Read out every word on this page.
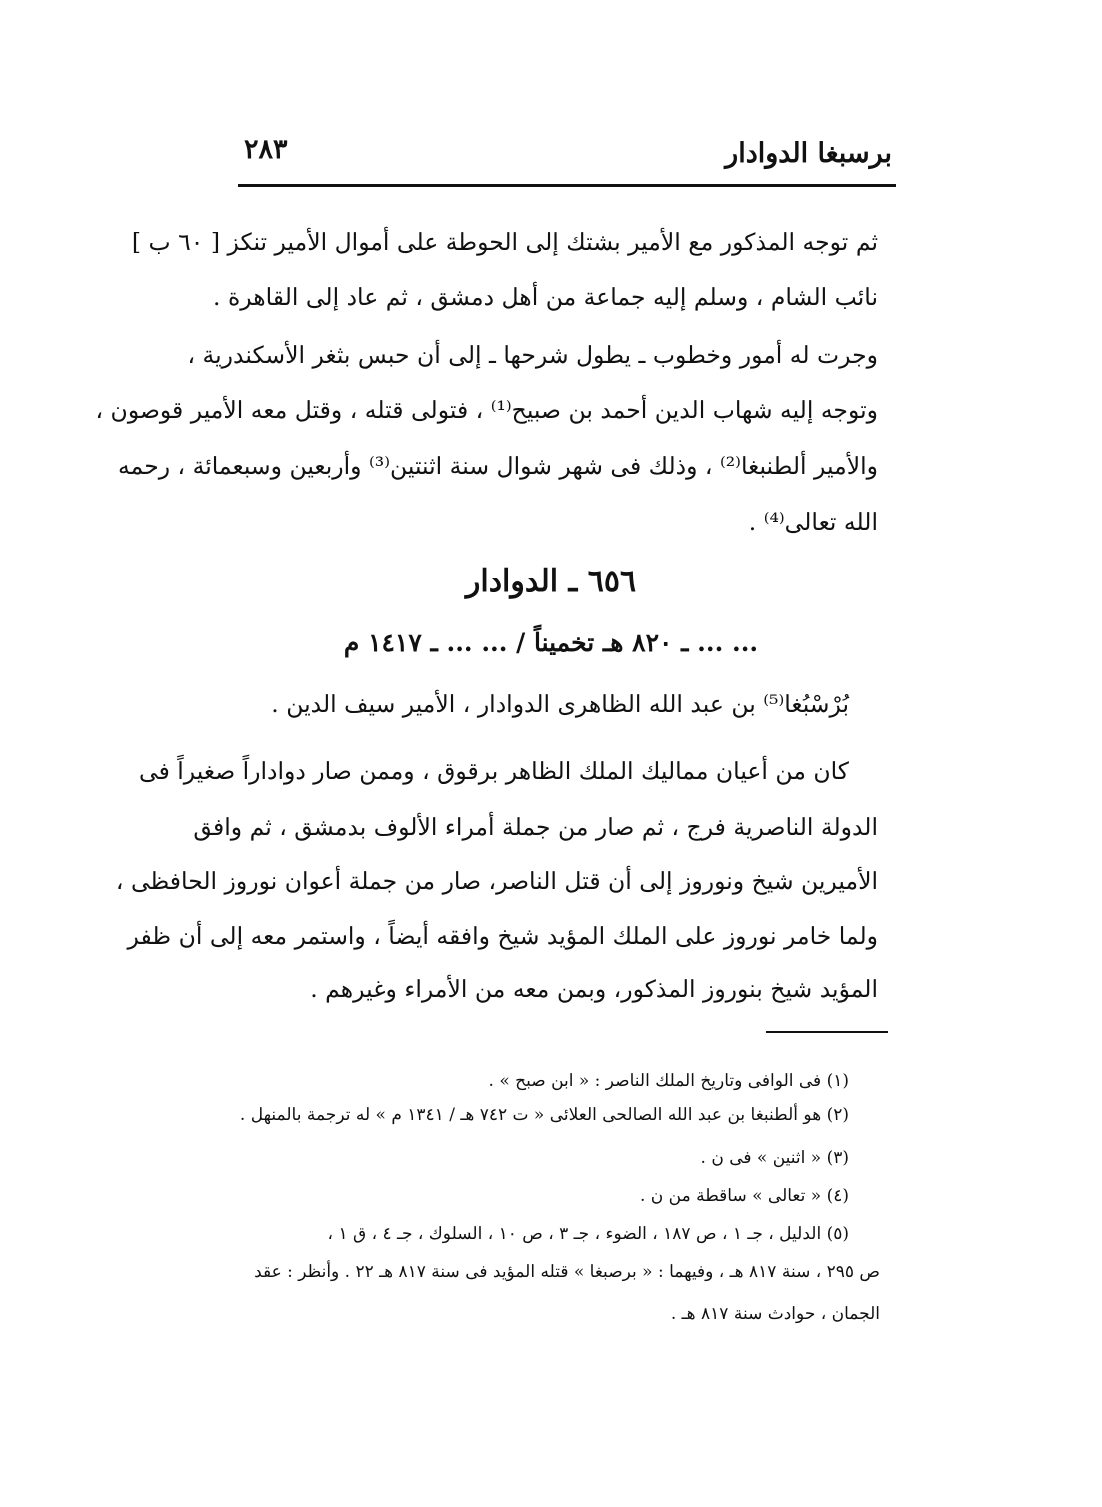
برسبغا الدوادار
٢٨٣
ثم توجه المذكور مع الأمير بشتك إلى الحوطة على أموال الأمير تنكز [ ٦٠ ب ]
نائب الشام ، وسلم إليه جماعة من أهل دمشق ، ثم عاد إلى القاهرة .
وجرت له أمور وخطوب ـ يطول شرحها ـ إلى أن حبس بثغر الأسكندرية ،
وتوجه إليه شهاب الدين أحمد بن صبيح⁽¹⁾ ، فتولى قتله ، وقتل معه الأمير قوصون ،
والأمير ألطنبغا⁽²⁾ ، وذلك فى شهر شوال سنة اثنتين⁽³⁾ وأربعين وسبعمائة ، رحمه
الله تعالى⁽⁴⁾ .
٦٥٦ ـ الدوادار
... ... ـ ٨٢٠ هـ تخميناً / ... ... ـ ١٤١٧ م
بُرْسْبُغا⁽⁵⁾ بن عبد الله الظاهرى الدوادار ، الأمير سيف الدين .
كان من أعيان مماليك الملك الظاهر برقوق ، وممن صار دواداراً صغيراً فى
الدولة الناصرية فرج ، ثم صار من جملة أمراء الألوف بدمشق ، ثم وافق
الأميرين شيخ ونوروز إلى أن قتل الناصر، صار من جملة أعوان نوروز الحافظى ،
ولما خامر نوروز على الملك المؤيد شيخ وافقه أيضاً ، واستمر معه إلى أن ظفر
المؤيد شيخ بنوروز المذكور، وبمن معه من الأمراء وغيرهم .
(١) فى الوافى وتاريخ الملك الناصر : « ابن صبح » .
(٢) هو ألطنبغا بن عبد الله الصالحى العلائى « ت ٧٤٢ هـ / ١٣٤١ م » له ترجمة بالمنهل .
(٣) « اثنين » فى ن .
(٤) « تعالى » ساقطة من ن .
(٥) الدليل ، جـ ١ ، ص ١٨٧ ، الضوء ، جـ ٣ ، ص ١٠ ، السلوك ، جـ ٤ ، ق ١ ،
ص ٢٩٥ ، سنة ٨١٧ هـ ، وفيهما : « برصبغا » قتله المؤيد فى سنة ٨١٧ هـ ٢٢ . وأنظر : عقد
الجمان ، حوادث سنة ٨١٧ هـ .
